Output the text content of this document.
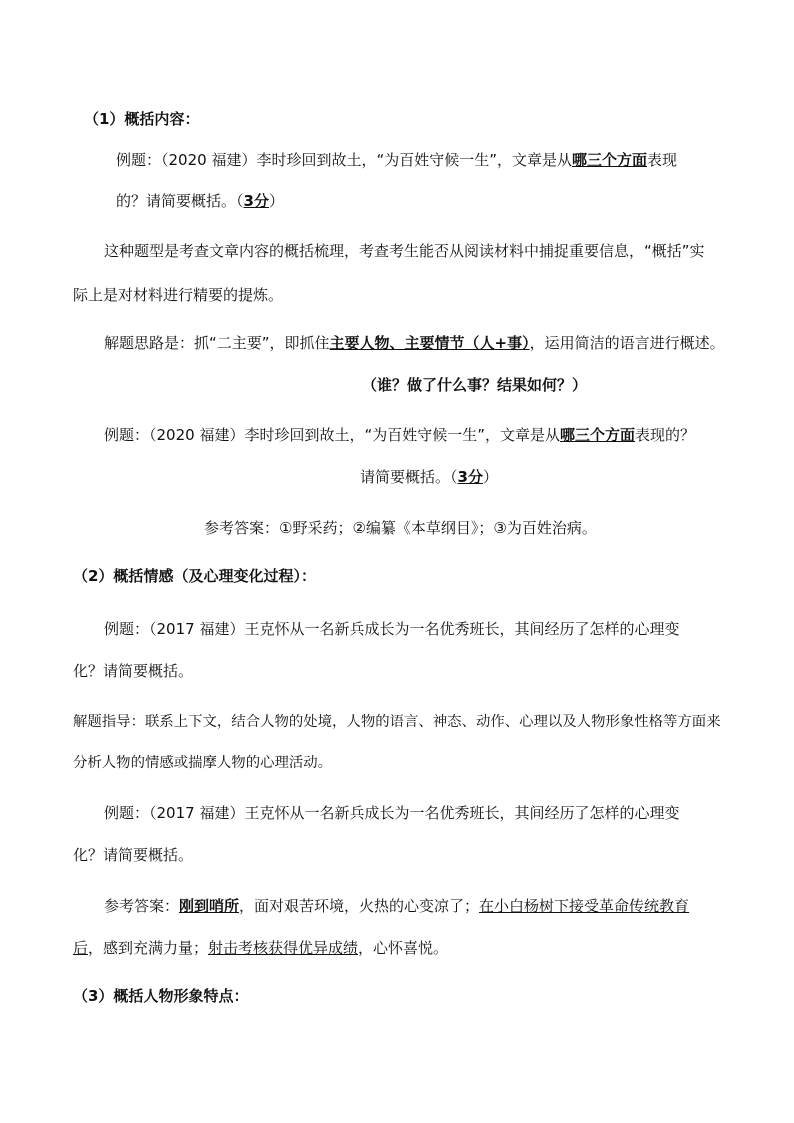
（1）概括内容：
例题：（2020 福建）李时珍回到故土，“为百姓守候一生”，文章是从哪三个方面表现
的？请简要概括。（3分）
这种题型是考查文章内容的概括梳理，考查考生能否从阅读材料中捕捉重要信息，“概括”实
际上是对材料进行精要的提炼。
解题思路是：抓“二主要”，即抓住主要人物、主要情节（人+事），运用简洁的语言进行概述。
（谁？做了什么事？结果如何？）
例题：（2020 福建）李时珍回到故土，“为百姓守候一生”，文章是从哪三个方面表现的？
请简要概括。（3分）
参考答案：①野采药；②编纂《本草纲目》；③为百姓治病。
（2）概括情感（及心理变化过程）：
例题：（2017 福建）王克怀从一名新兵成长为一名优秀班长，其间经历了怎样的心理变
化？请简要概括。
解题指导：联系上下文，结合人物的处境，人物的语言、神态、动作、心理以及人物形象性格等方面来
分析人物的情感或揣摩人物的心理活动。
例题：（2017 福建）王克怀从一名新兵成长为一名优秀班长，其间经历了怎样的心理变
化？请简要概括。
参考答案：刚到哨所，面对艰苦环境，火热的心变凉了；在小白杨树下接受革命传统教育
后，感到充满力量；射击考核获得优异成绩，心怀喜悦。
（3）概括人物形象特点：
